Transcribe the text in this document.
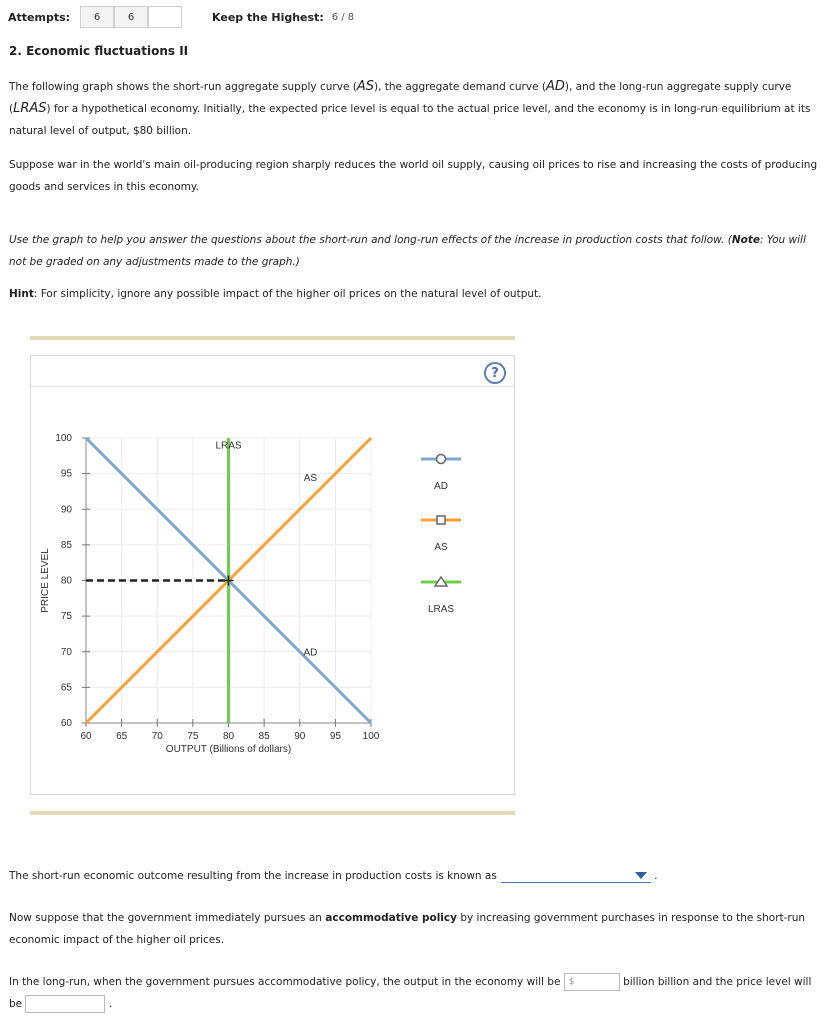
Attempts:	6	6	Keep the Highest: 6 / 8
2. Economic fluctuations II

The following graph shows the short-run aggregate supply curve (AS), the aggregate demand curve (AD), and the long-run aggregate supply curve (LRAS) for a hypothetical economy. Initially, the expected price level is equal to the actual price level, and the economy is in long-run equilibrium at its natural level of output, $80 billion.

Suppose war in the world's main oil-producing region sharply reduces the world oil supply, causing oil prices to rise and increasing the costs of producing goods and services in this economy.

Use the graph to help you answer the questions about the short-run and long-run effects of the increase in production costs that follow. (Note: You will not be graded on any adjustments made to the graph.)

Hint: For simplicity, ignore any possible impact of the higher oil prices on the natural level of output.

?
60 65 70 75 80 85 90 95 100
60
65
70
75
80
85
90
95
100
OUTPUT (Billions of dollars)
PRICE LEVEL
LRAS
AS
AD
AD
AS
LRAS

The short-run economic outcome resulting from the increase in production costs is known as	.

Now suppose that the government immediately pursues an accommodative policy by increasing government purchases in response to the short-run economic impact of the higher oil prices.

In the long-run, when the government pursues accommodative policy, the output in the economy will be $	billion billion and the price level will be	.
